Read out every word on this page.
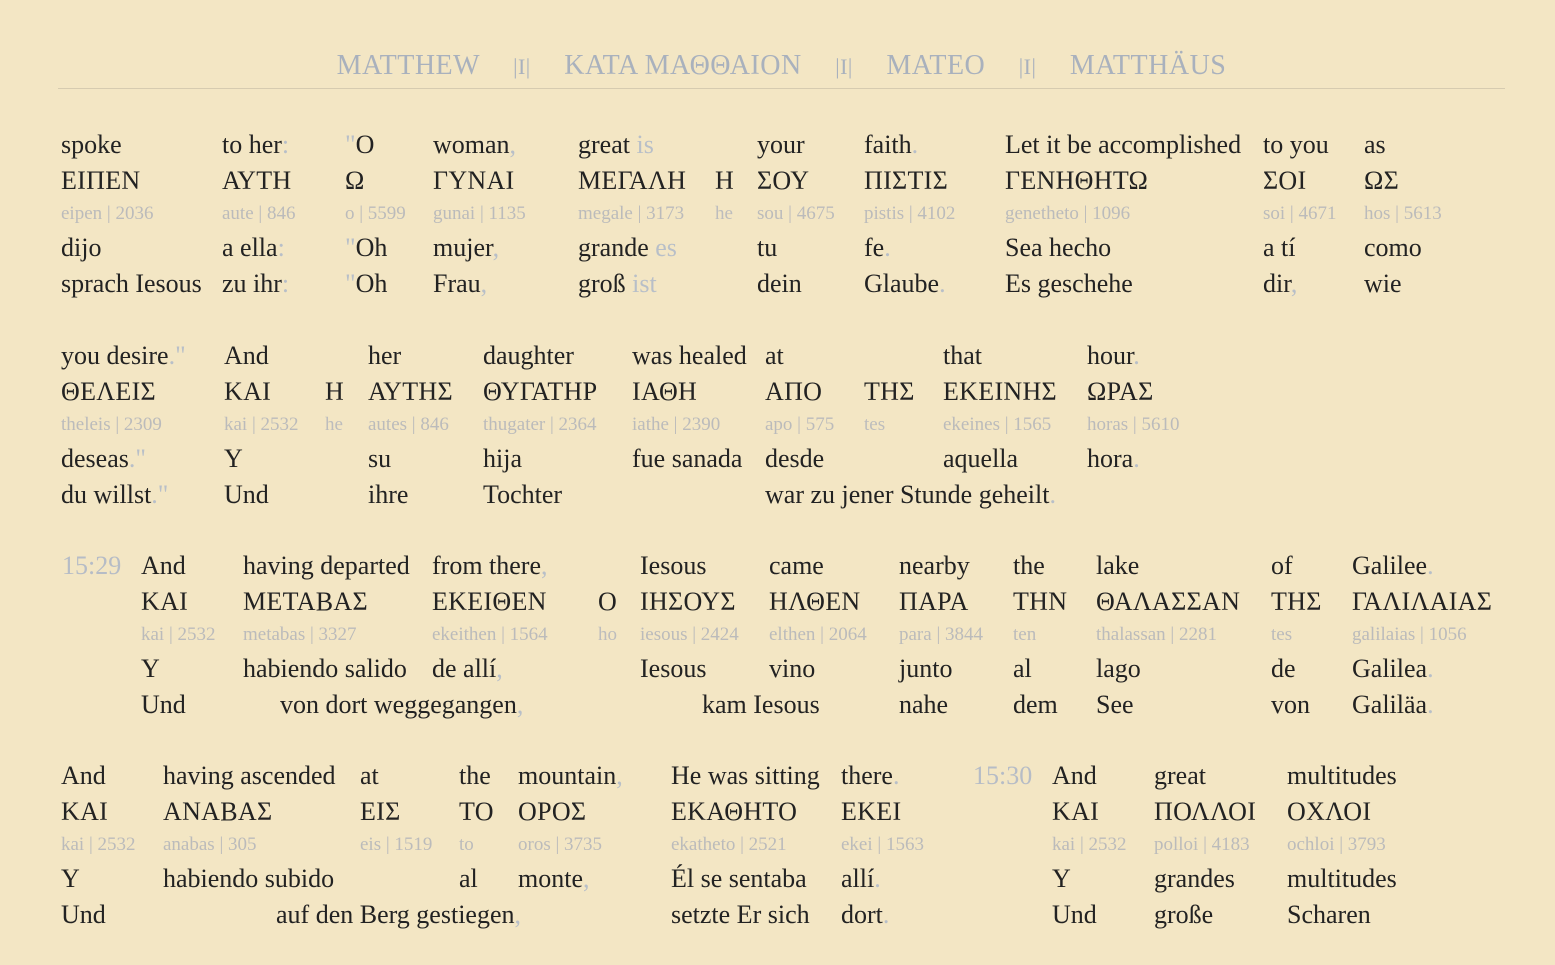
MATTHEW |I| ΚΑΤΑ ΜΑΘΘΑΙΟΝ |I| MATEO |I| MATTHÄUS
spoke
ΕΙΠΕΝ
eipen | 2036
dijo
sprach Iesous
to her:
ΑΥΤΗ
aute | 846
a ella:
zu ihr:
"O
Ω
o | 5599
"Oh
"Oh
woman,
ΓΥΝΑΙ
gunai | 1135
mujer,
Frau,
great is
ΜΕΓΑΛΗ
megale | 3173
grande es
groß ist
Η
he
your
ΣΟΥ
sou | 4675
tu
dein
faith.
ΠΙΣΤΙΣ
pistis | 4102
fe.
Glaube.
Let it be accomplished
ΓΕΝΗΘΗΤΩ
genetheto | 1096
Sea hecho
Es geschehe
to you
ΣΟΙ
soi | 4671
a tí
dir,
as
ΩΣ
hos | 5613
como
wie
you desire."
ΘΕΛΕΙΣ
theleis | 2309
deseas."
du willst."
And
ΚΑΙ
kai | 2532
Y
Und
Η
he
her
ΑΥΤΗΣ
autes | 846
su
ihre
daughter
ΘΥΓΑΤΗΡ
thugater | 2364
hija
Tochter
was healed
ΙΑΘΗ
iathe | 2390
fue sanada
at
ΑΠΟ
apo | 575
desde
war zu jener Stunde geheilt.
ΤΗΣ
tes
that
ΕΚΕΙΝΗΣ
ekeines | 1565
aquella
hour.
ΩΡΑΣ
horas | 5610
hora.
15:29 And
ΚΑΙ
kai | 2532
Y
Und
having departed
ΜΕΤΑΒΑΣ
metabas | 3327
habiendo salido
von dort weggegangen,
from there,
ΕΚΕΙΘΕΝ
ekeithen | 1564
de allí,
Ο
ho
Iesous
ΙΗΣΟΥΣ
iesous | 2424
Iesous
kam Iesous
came
ΗΛΘΕΝ
elthen | 2064
vino
nearby
ΠΑΡΑ
para | 3844
junto
nahe
the
ΤΗΝ
ten
al
dem
lake
ΘΑΛΑΣΣΑΝ
thalassan | 2281
lago
See
of
ΤΗΣ
tes
de
von
Galilee.
ΓΑΛΙΛΑΙΑΣ
galilaias | 1056
Galilea.
Galiläa.
15:30
And
ΚΑΙ
kai | 2532
Y
Und
having ascended
ΑΝΑΒΑΣ
anabas | 305
habiendo subido
auf den Berg gestiegen,
at
ΕΙΣ
eis | 1519
the
ΤΟ
to
al
mountain,
ΟΡΟΣ
oros | 3735
monte,
He was sitting
ΕΚΑΘΗΤΟ
ekatheto | 2521
Él se sentaba
setzte Er sich
there.
ΕΚΕΙ
ekei | 1563
allí.
dort.
And
ΚΑΙ
kai | 2532
Y
Und
great
ΠΟΛΛΟΙ
polloi | 4183
grandes
große
multitudes
ΟΧΛΟΙ
ochloi | 3793
multitudes
Scharen
